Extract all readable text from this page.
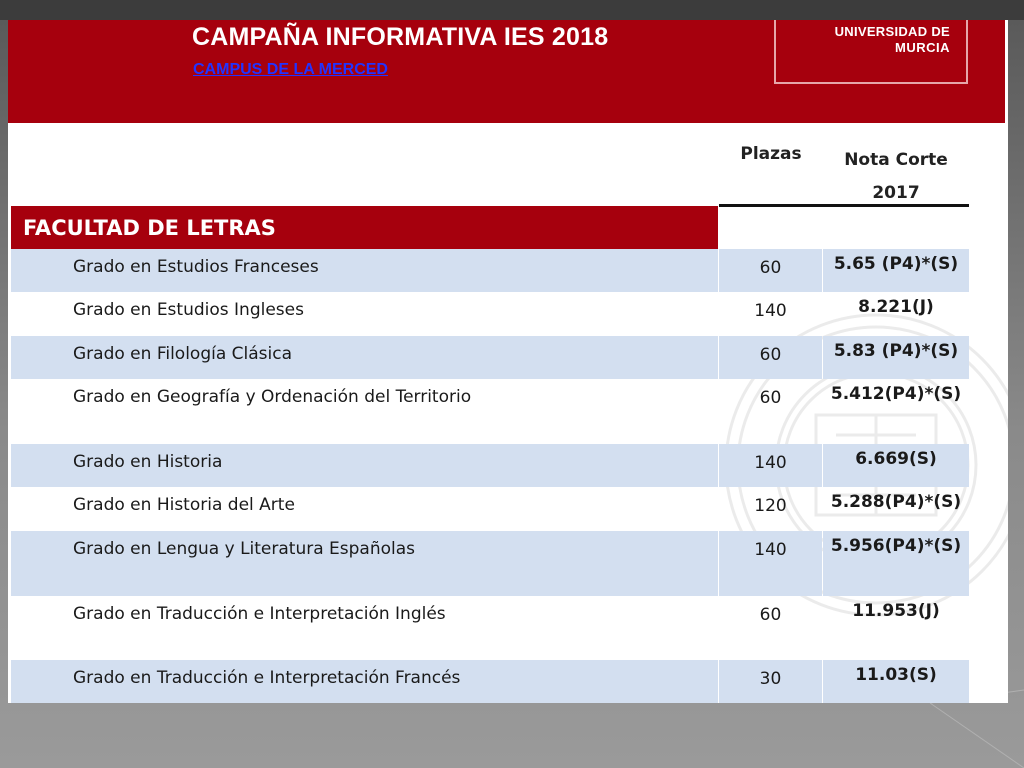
CAMPAÑA INFORMATIVA IES 2018
CAMPUS DE LA MERCED
UNIVERSIDAD DE
MURCIA
Plazas	Nota Corte
2017
FACULTAD DE LETRAS
Grado en Estudios Franceses	60	5.65 (P4)*(S)
Grado en Estudios Ingleses	140	8.221(J)
Grado en Filología Clásica	60	5.83 (P4)*(S)
Grado en Geografía y Ordenación del Territorio	60	5.412(P4)*(S)
Grado en Historia	140	6.669(S)
Grado en Historia del Arte	120	5.288(P4)*(S)
Grado en Lengua y Literatura Españolas	140	5.956(P4)*(S)
Grado en Traducción e Interpretación Inglés	60	11.953(J)
Grado en Traducción e Interpretación Francés	30	11.03(S)
